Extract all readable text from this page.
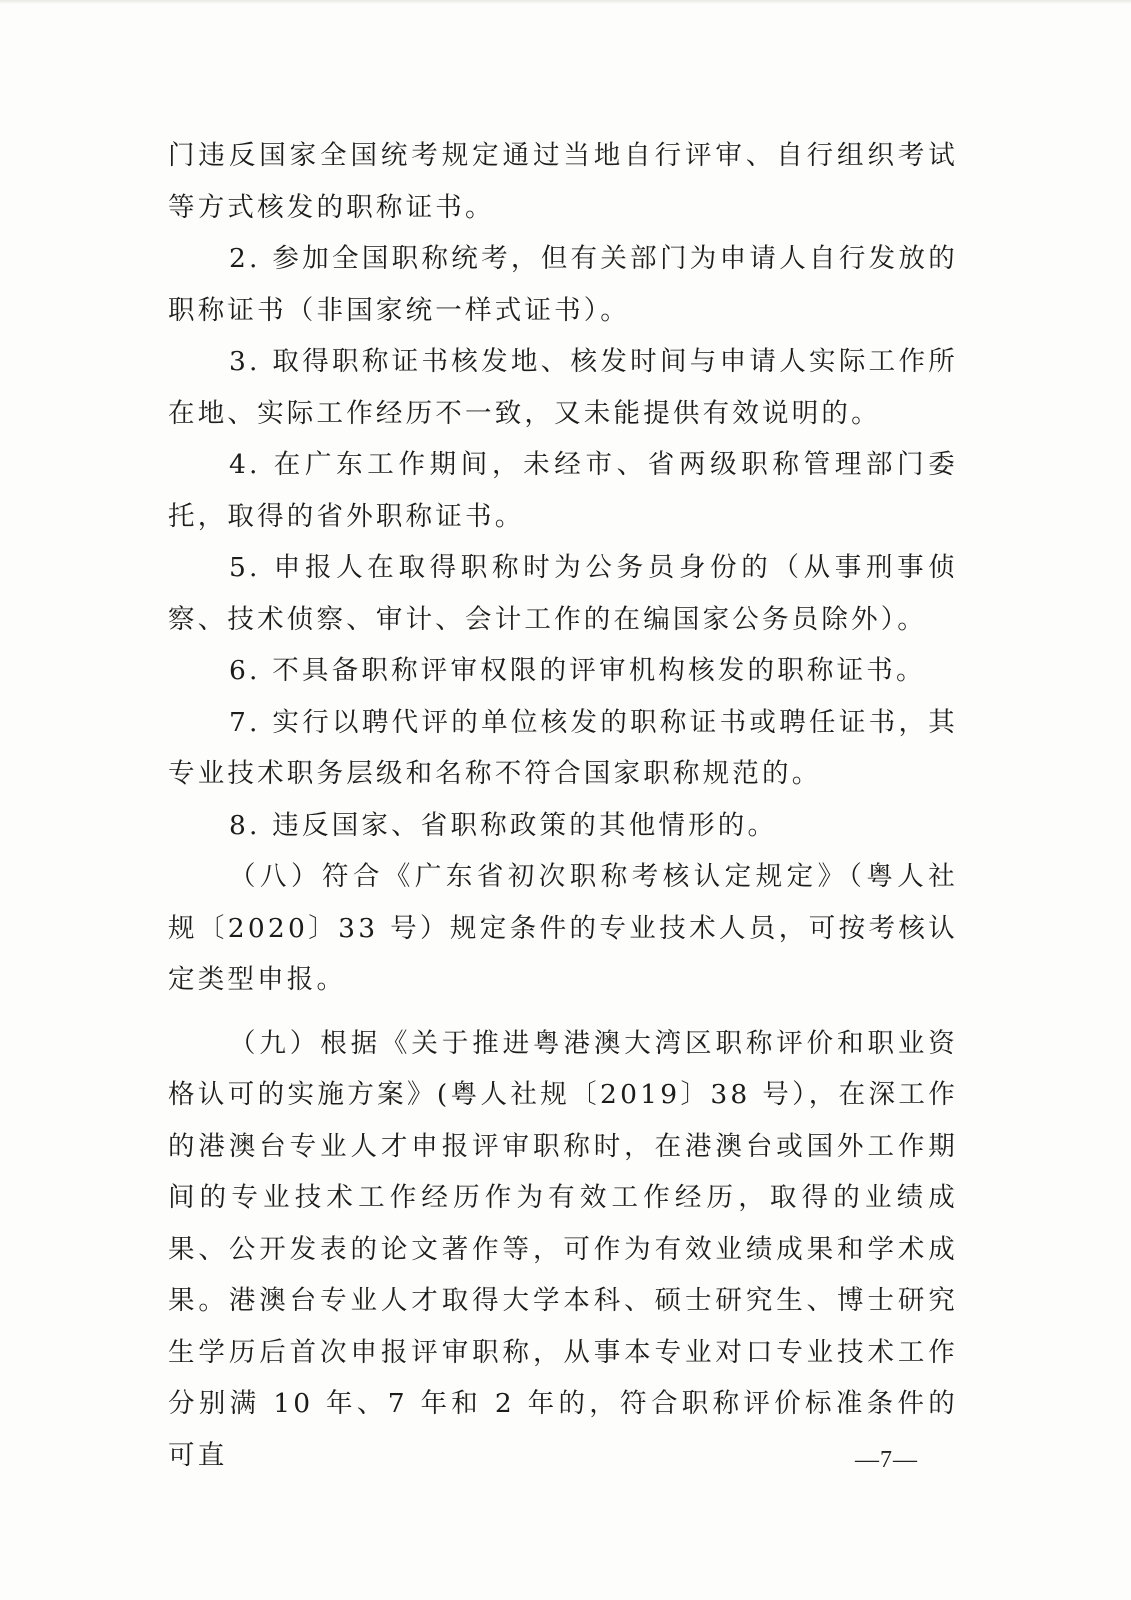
门违反国家全国统考规定通过当地自行评审、自行组织考试等方式核发的职称证书。

2. 参加全国职称统考，但有关部门为申请人自行发放的职称证书（非国家统一样式证书）。

3. 取得职称证书核发地、核发时间与申请人实际工作所在地、实际工作经历不一致，又未能提供有效说明的。

4. 在广东工作期间，未经市、省两级职称管理部门委托，取得的省外职称证书。

5. 申报人在取得职称时为公务员身份的（从事刑事侦察、技术侦察、审计、会计工作的在编国家公务员除外）。

6. 不具备职称评审权限的评审机构核发的职称证书。

7. 实行以聘代评的单位核发的职称证书或聘任证书，其专业技术职务层级和名称不符合国家职称规范的。

8. 违反国家、省职称政策的其他情形的。

（八）符合《广东省初次职称考核认定规定》（粤人社规〔2020〕33 号）规定条件的专业技术人员，可按考核认定类型申报。

（九）根据《关于推进粤港澳大湾区职称评价和职业资格认可的实施方案》(粤人社规〔2019〕38 号），在深工作的港澳台专业人才申报评审职称时，在港澳台或国外工作期间的专业技术工作经历作为有效工作经历，取得的业绩成果、公开发表的论文著作等，可作为有效业绩成果和学术成果。港澳台专业人才取得大学本科、硕士研究生、博士研究生学历后首次申报评审职称，从事本专业对口专业技术工作分别满 10 年、7 年和 2 年的，符合职称评价标准条件的可直	—7—
